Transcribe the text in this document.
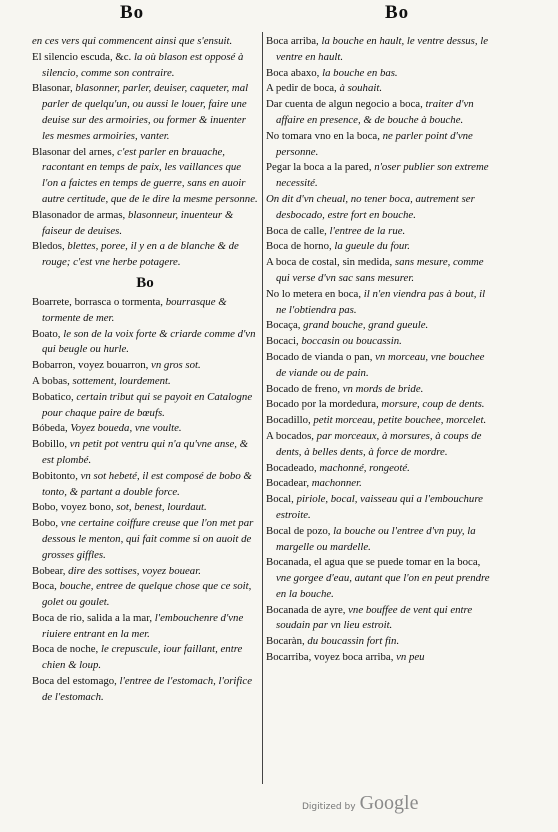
Bo	Bo

en ces vers qui commencent ainsi que s'ensuit.

El silencio escuda, &c. la où blason est opposé à silencio, comme son contraire.

Blasonar, blasonner, parler, deuiser, caqueter, mal parler de quelqu'un, ou aussi le louer, faire une deuise sur des armoiries, ou former & inuenter les mesmes armoiries, vanter.

Blasonar del arnes, c'est parler en brauache, racontant en temps de paix, les vaillances que l'on a faictes en temps de guerre, sans en auoir autre certitude, que de le dire la mesme personne.

Blasonador de armas, blasonneur, inuenteur & faiseur de deuises.

Bledos, blettes, poree, il y en a de blanche & de rouge; c'est vne herbe potagere.

Bo

Boarrete, borrasca o tormenta, bourrasque & tormente de mer.

Boato, le son de la voix forte & criarde comme d'vn qui beugle ou hurle.

Bobarron, voyez bouarron, vn gros sot.

A bobas, sottement, lourdement.

Bobatico, certain tribut qui se payoit en Catalogne pour chaque paire de bœufs.

Bóbeda, Voyez boueda, vne voulte.

Bobillo, vn petit pot ventru qui n'a qu'vne anse, & est plombé.

Bobitonto, vn sot hebeté, il est composé de bobo & tonto, & partant a double force.

Bobo, voyez bono, sot, benest, lourdaut.

Bobo, vne certaine coiffure creuse que l'on met par dessous le menton, qui fait comme si on auoit de grosses giffles.

Bobear, dire des sottises, voyez bouear.

Boca, bouche, entree de quelque chose que ce soit, golet ou goulet.

Boca de rio, salida a la mar, l'embouchenre d'vne riuiere entrant en la mer.

Boca de noche, le crepuscule, iour faillant, entre chien & loup.

Boca del estomago, l'entree de l'estomach, l'orifice de l'estomach.

Boca arriba, la bouche en hault, le ventre dessus, le ventre en hault.

Boca abaxo, la bouche en bas.

A pedir de boca, à souhait.

Dar cuenta de algun negocio a boca, traiter d'vn affaire en presence, & de bouche à bouche.

No tomara vno en la boca, ne parler point d'vne personne.

Pegar la boca a la pared, n'oser publier son extreme necessité.

On dit d'vn cheual, no tener boca, autrement ser desbocado, estre fort en bouche.

Boca de calle, l'entree de la rue.

Boca de horno, la gueule du four.

A boca de costal, sin medida, sans mesure, comme qui verse d'vn sac sans mesurer.

No lo metera en boca, il n'en viendra pas à bout, il ne l'obtiendra pas.

Bocaça, grand bouche, grand gueule.

Bocaci, boccasin ou boucassin.

Bocado de vianda o pan, vn morceau, vne bouchee de viande ou de pain.

Bocado de freno, vn mords de bride.

Bocado por la mordedura, morsure, coup de dents.

Bocadillo, petit morceau, petite bouchee, morcelet.

A bocados, par morceaux, à morsures, à coups de dents, à belles dents, à force de mordre.

Bocadeado, machonné, rongeoté.

Bocadear, machonner.

Bocal, piriole, bocal, vaisseau qui a l'embouchure estroite.

Bocal de pozo, la bouche ou l'entree d'vn puy, la margelle ou mardelle.

Bocanada, el agua que se puede tomar en la boca, vne gorgee d'eau, autant que l'on en peut prendre en la bouche.

Bocanada de ayre, vne bouffee de vent qui entre soudain par vn lieu estroit.

Bocaràn, du boucassin fort fin.

Bocarriba, voyez boca arriba, vn peu

Digitized by Google
